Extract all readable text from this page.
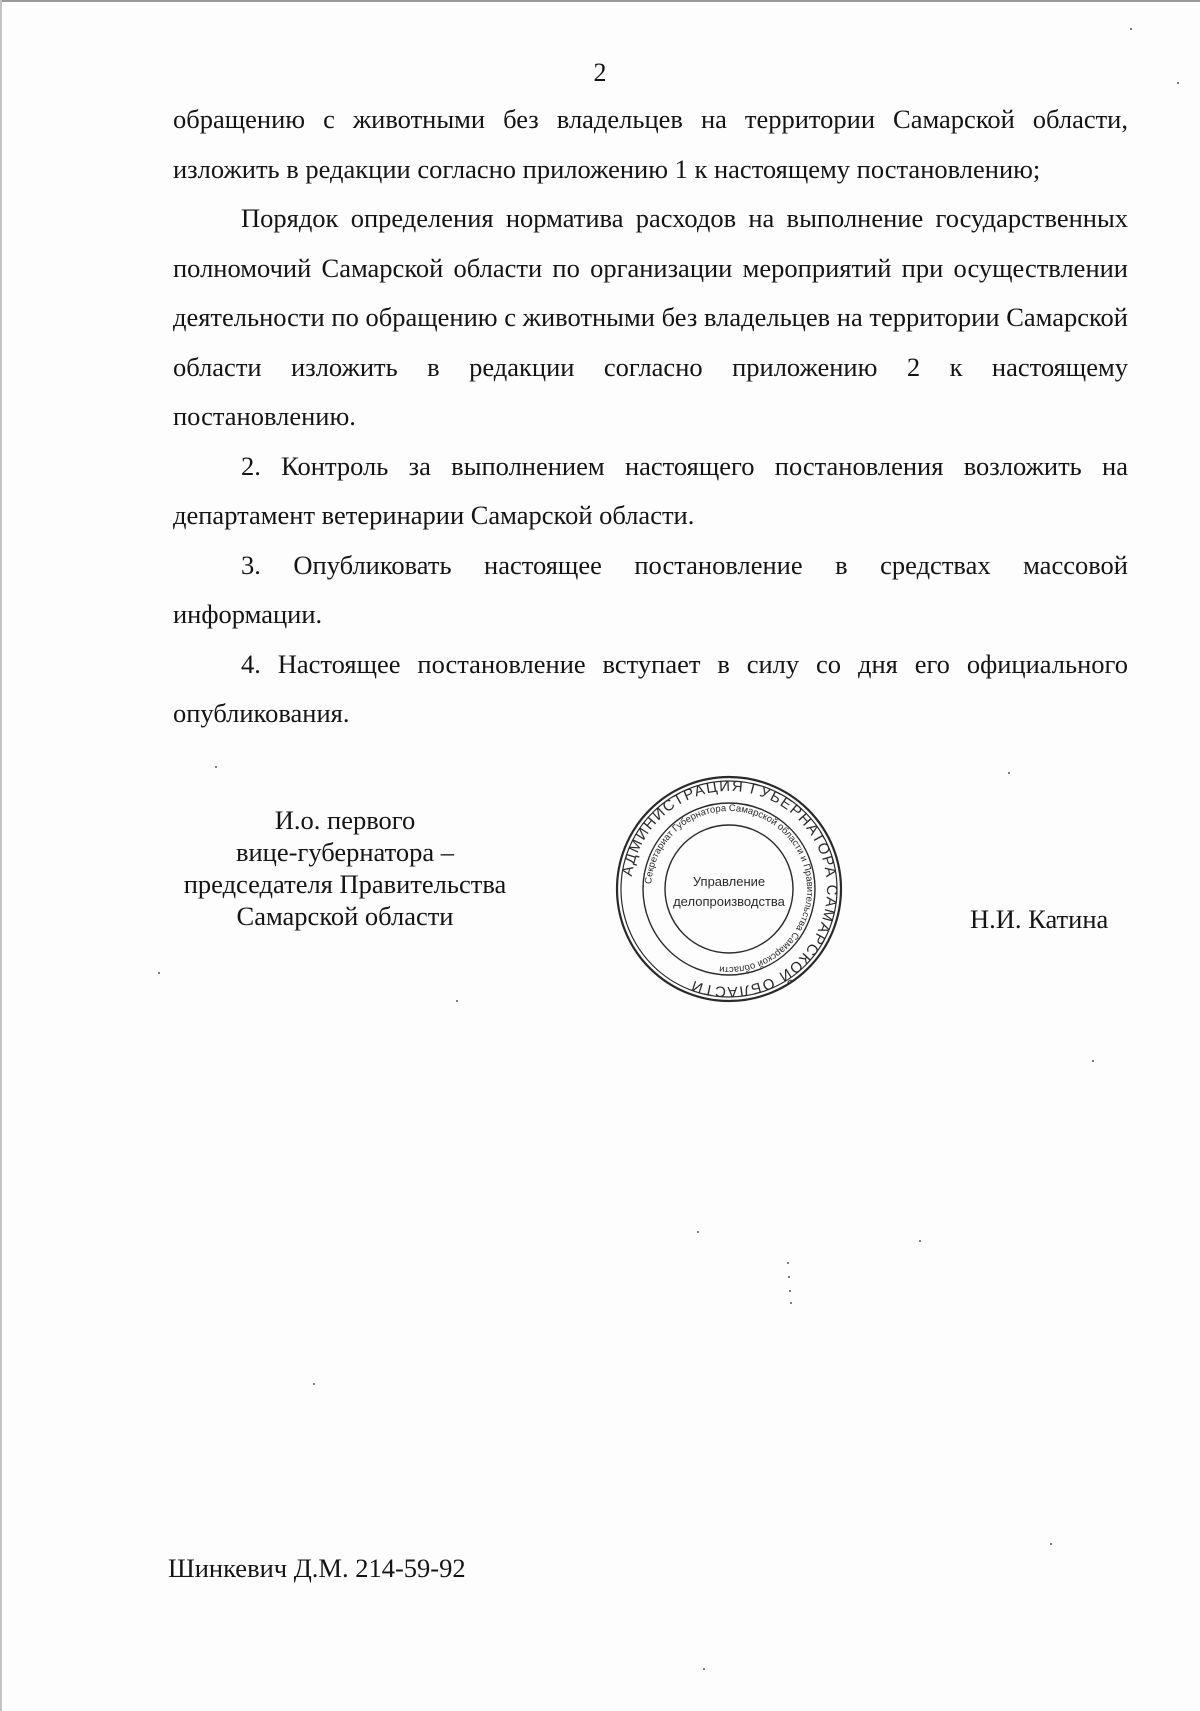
2

обращению с животными без владельцев на территории Самарской области, изложить в редакции согласно приложению 1 к настоящему постановлению;

Порядок определения норматива расходов на выполнение государственных полномочий Самарской области по организации мероприятий при осуществлении деятельности по обращению с животными без владельцев на территории Самарской области изложить в редакции согласно приложению 2 к настоящему постановлению.

2. Контроль за выполнением настоящего постановления возложить на департамент ветеринарии Самарской области.

3. Опубликовать настоящее постановление в средствах массовой информации.

4. Настоящее постановление вступает в силу со дня его официального опубликования.

И.о. первого
вице-губернатора –
председателя Правительства
Самарской области
АДМИНИСТРАЦИЯ ГУБЕРНАТОРА САМАРСКОЙ ОБЛАСТИ
Секретариат Губернатора Самарской области и Правительства Самарской области
Управление
делопроизводства
Н.И. Катина
Шинкевич Д.М. 214-59-92
